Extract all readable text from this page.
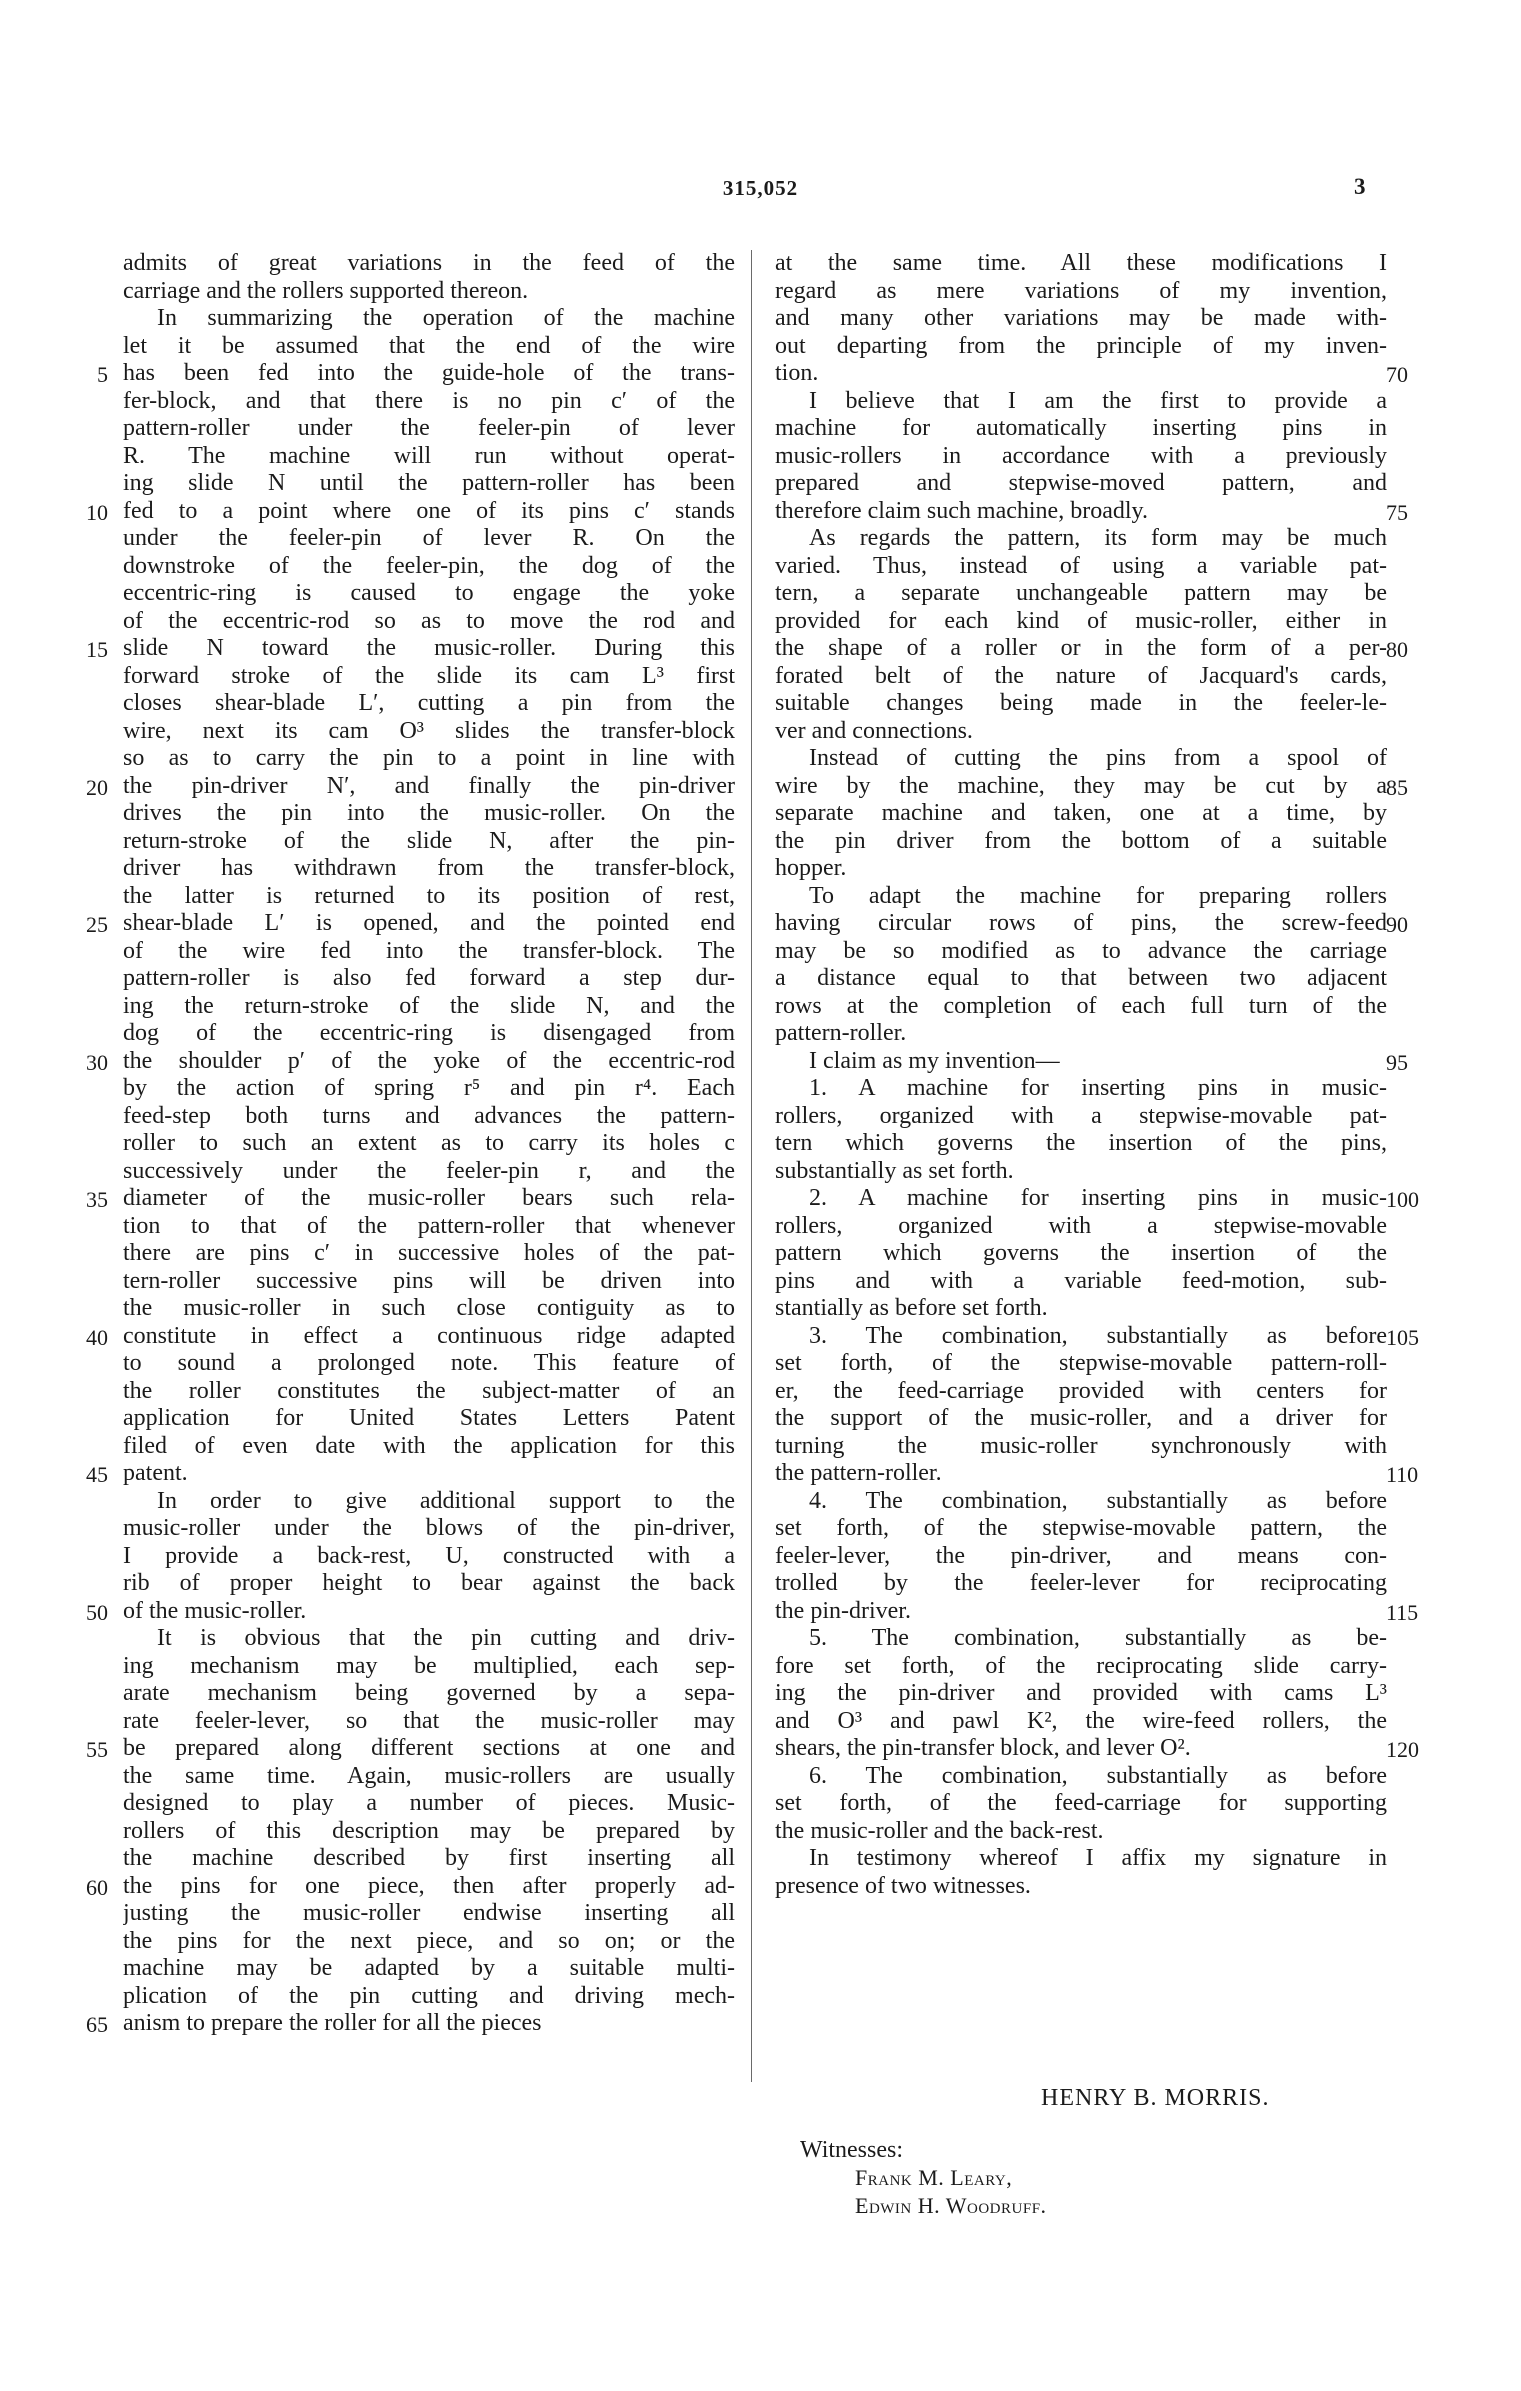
315,052	3
admits of great variations in the feed of the
carriage and the rollers supported thereon.
In summarizing the operation of the machine
let it be assumed that the end of the wire
has been fed into the guide-hole of the trans-
fer-block, and that there is no pin c′ of the
pattern-roller under the feeler-pin of lever
R. The machine will run without operat-
ing slide N until the pattern-roller has been
fed to a point where one of its pins c′ stands
under the feeler-pin of lever R. On the
downstroke of the feeler-pin, the dog of the
eccentric-ring is caused to engage the yoke
of the eccentric-rod so as to move the rod and
slide N toward the music-roller. During this
forward stroke of the slide its cam L³ first
closes shear-blade L′, cutting a pin from the
wire, next its cam O³ slides the transfer-block
so as to carry the pin to a point in line with
the pin-driver N′, and finally the pin-driver
drives the pin into the music-roller. On the
return-stroke of the slide N, after the pin-
driver has withdrawn from the transfer-block,
the latter is returned to its position of rest,
shear-blade L′ is opened, and the pointed end
of the wire fed into the transfer-block. The
pattern-roller is also fed forward a step dur-
ing the return-stroke of the slide N, and the
dog of the eccentric-ring is disengaged from
the shoulder p′ of the yoke of the eccentric-rod
by the action of spring r⁵ and pin r⁴. Each
feed-step both turns and advances the pattern-
roller to such an extent as to carry its holes c
successively under the feeler-pin r, and the
diameter of the music-roller bears such rela-
tion to that of the pattern-roller that whenever
there are pins c′ in successive holes of the pat-
tern-roller successive pins will be driven into
the music-roller in such close contiguity as to
constitute in effect a continuous ridge adapted
to sound a prolonged note. This feature of
the roller constitutes the subject-matter of an
application for United States Letters Patent
filed of even date with the application for this
patent.
In order to give additional support to the
music-roller under the blows of the pin-driver,
I provide a back-rest, U, constructed with a
rib of proper height to bear against the back
of the music-roller.
It is obvious that the pin cutting and driv-
ing mechanism may be multiplied, each sep-
arate mechanism being governed by a sepa-
rate feeler-lever, so that the music-roller may
be prepared along different sections at one and
the same time. Again, music-rollers are usually
designed to play a number of pieces. Music-
rollers of this description may be prepared by
the machine described by first inserting all
the pins for one piece, then after properly ad-
justing the music-roller endwise inserting all
the pins for the next piece, and so on; or the
machine may be adapted by a suitable multi-
plication of the pin cutting and driving mech-
anism to prepare the roller for all the pieces
at the same time. All these modifications I
regard as mere variations of my invention,
and many other variations may be made with-
out departing from the principle of my inven-
tion.
I believe that I am the first to provide a
machine for automatically inserting pins in
music-rollers in accordance with a previously
prepared and stepwise-moved pattern, and
therefore claim such machine, broadly.
As regards the pattern, its form may be much
varied. Thus, instead of using a variable pat-
tern, a separate unchangeable pattern may be
provided for each kind of music-roller, either in
the shape of a roller or in the form of a per-
forated belt of the nature of Jacquard's cards,
suitable changes being made in the feeler-le-
ver and connections.
Instead of cutting the pins from a spool of
wire by the machine, they may be cut by a
separate machine and taken, one at a time, by
the pin driver from the bottom of a suitable
hopper.
To adapt the machine for preparing rollers
having circular rows of pins, the screw-feed
may be so modified as to advance the carriage
a distance equal to that between two adjacent
rows at the completion of each full turn of the
pattern-roller.
I claim as my invention—
1. A machine for inserting pins in music-
rollers, organized with a stepwise-movable pat-
tern which governs the insertion of the pins,
substantially as set forth.
2. A machine for inserting pins in music-
rollers, organized with a stepwise-movable
pattern which governs the insertion of the
pins and with a variable feed-motion, sub-
stantially as before set forth.
3. The combination, substantially as before
set forth, of the stepwise-movable pattern-roll-
er, the feed-carriage provided with centers for
the support of the music-roller, and a driver for
turning the music-roller synchronously with
the pattern-roller.
4. The combination, substantially as before
set forth, of the stepwise-movable pattern, the
feeler-lever, the pin-driver, and means con-
trolled by the feeler-lever for reciprocating
the pin-driver.
5. The combination, substantially as be-
fore set forth, of the reciprocating slide carry-
ing the pin-driver and provided with cams L³
and O³ and pawl K², the wire-feed rollers, the
shears, the pin-transfer block, and lever O².
6. The combination, substantially as before
set forth, of the feed-carriage for supporting
the music-roller and the back-rest.
In testimony whereof I affix my signature in
presence of two witnesses.
5
10
15
20
25
30
35
40
45
50
55
60
65
70
75
80
85
90
95
100
105
110
115
120
HENRY B. MORRIS.
Witnesses:
Frank M. Leary,
Edwin H. Woodruff.
